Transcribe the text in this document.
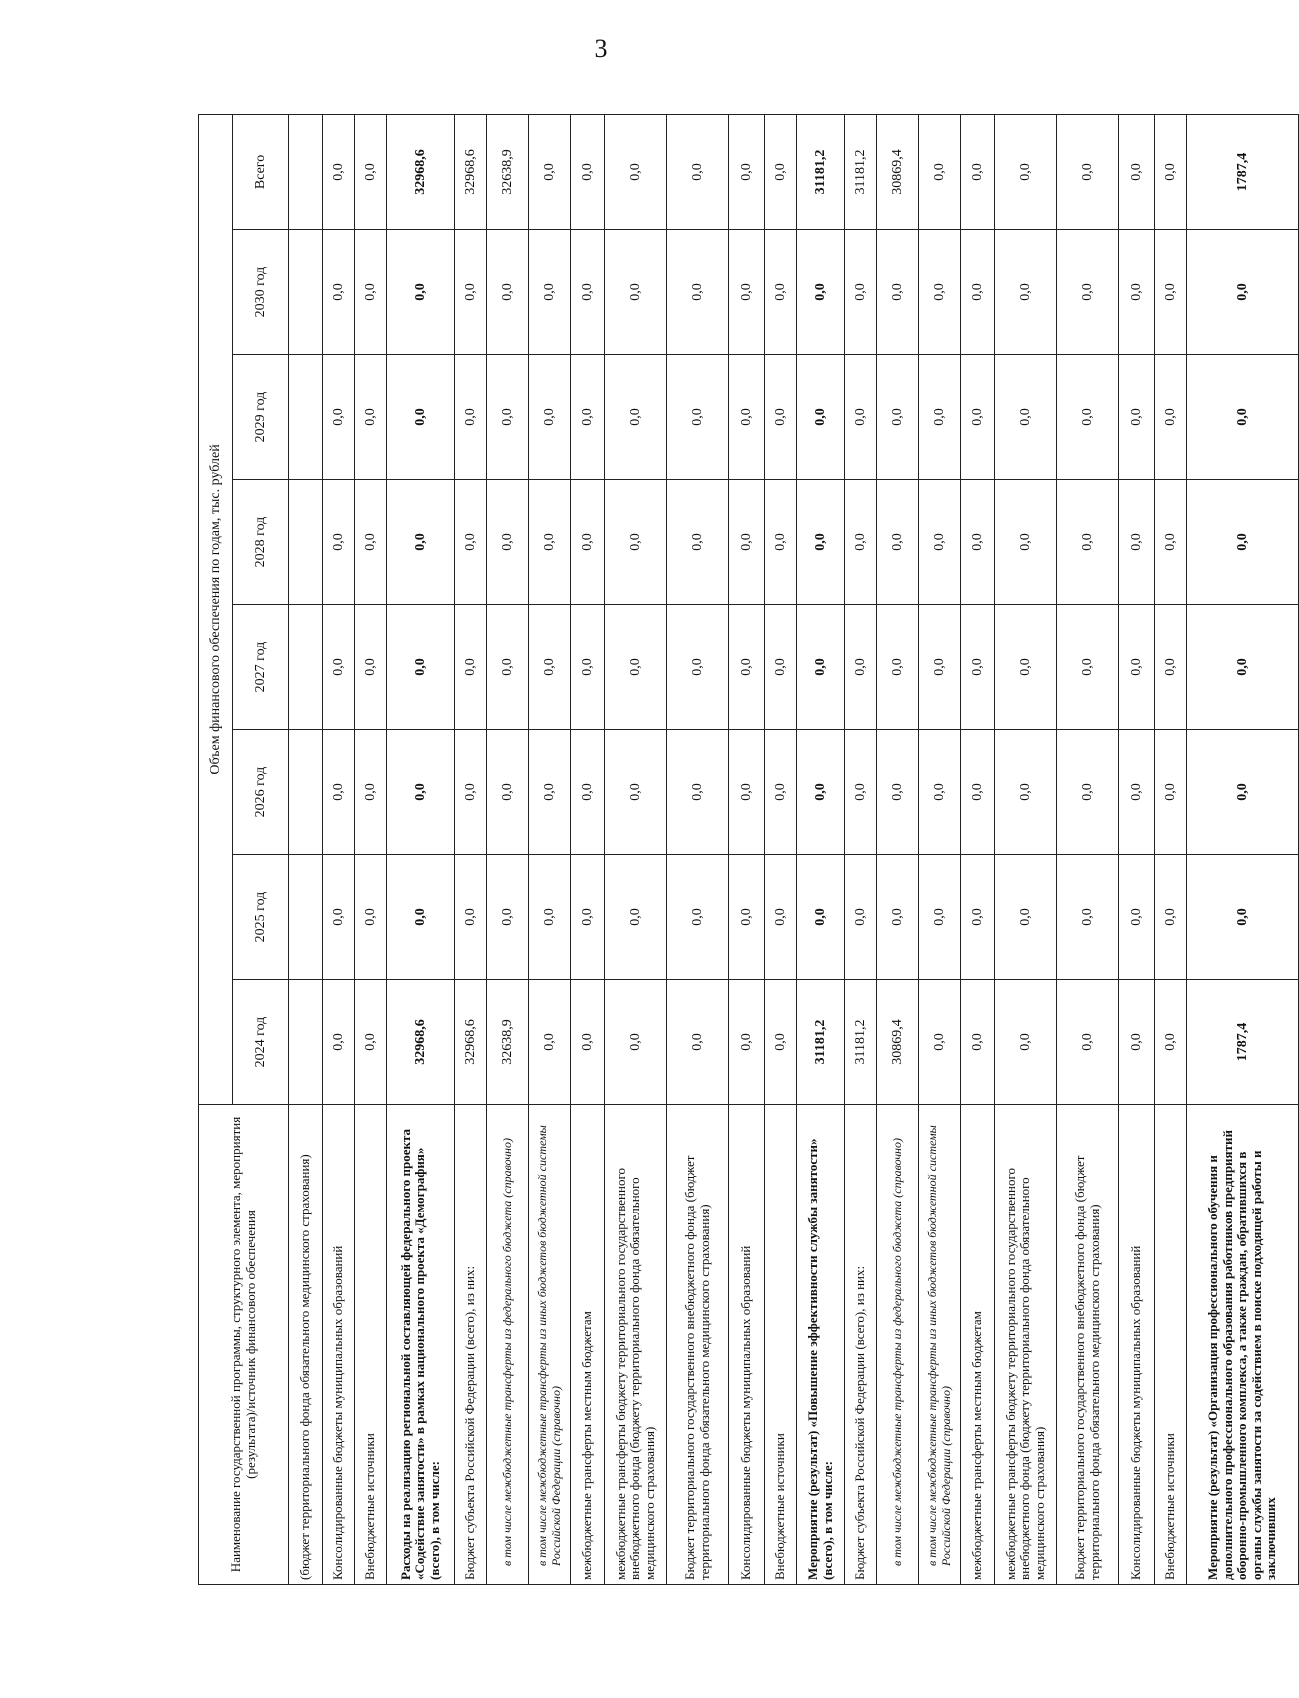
3
Наименование государственной программы, структурного элемента, мероприятия (результата)/источник финансового обеспечения	Объем финансового обеспечения по годам, тыс. рублей							
	2024 год	2025 год	2026 год	2027 год	2028 год	2029 год	2030 год	Всего
(бюджет территориального фонда обязательного медицинского страхования)								
Консолидированные бюджеты муниципальных образований	0,0	0,0	0,0	0,0	0,0	0,0	0,0	0,0
Внебюджетные источники	0,0	0,0	0,0	0,0	0,0	0,0	0,0	0,0
Расходы на реализацию региональной составляющей федерального проекта «Содействие занятости» в рамках национального проекта «Демография» (всего), в том числе:	32968,6	0,0	0,0	0,0	0,0	0,0	0,0	32968,6
Бюджет субъекта Российской Федерации (всего), из них:	32968,6	0,0	0,0	0,0	0,0	0,0	0,0	32968,6
в том числе межбюджетные трансферты из федерального бюджета (справочно)	32638,9	0,0	0,0	0,0	0,0	0,0	0,0	32638,9
в том числе межбюджетные трансферты из иных бюджетов бюджетной системы Российской Федерации (справочно)	0,0	0,0	0,0	0,0	0,0	0,0	0,0	0,0
межбюджетные трансферты местным бюджетам	0,0	0,0	0,0	0,0	0,0	0,0	0,0	0,0
межбюджетные трансферты бюджету территориального государственного внебюджетного фонда (бюджету территориального фонда обязательного медицинского страхования)	0,0	0,0	0,0	0,0	0,0	0,0	0,0	0,0
Бюджет территориального государственного внебюджетного фонда (бюджет территориального фонда обязательного медицинского страхования)	0,0	0,0	0,0	0,0	0,0	0,0	0,0	0,0
Консолидированные бюджеты муниципальных образований	0,0	0,0	0,0	0,0	0,0	0,0	0,0	0,0
Внебюджетные источники	0,0	0,0	0,0	0,0	0,0	0,0	0,0	0,0
Мероприятие (результат) «Повышение эффективности службы занятости» (всего), в том числе:	31181,2	0,0	0,0	0,0	0,0	0,0	0,0	31181,2
Бюджет субъекта Российской Федерации (всего), из них:	31181,2	0,0	0,0	0,0	0,0	0,0	0,0	31181,2
в том числе межбюджетные трансферты из федерального бюджета (справочно)	30869,4	0,0	0,0	0,0	0,0	0,0	0,0	30869,4
в том числе межбюджетные трансферты из иных бюджетов бюджетной системы Российской Федерации (справочно)	0,0	0,0	0,0	0,0	0,0	0,0	0,0	0,0
межбюджетные трансферты местным бюджетам	0,0	0,0	0,0	0,0	0,0	0,0	0,0	0,0
межбюджетные трансферты бюджету территориального государственного внебюджетного фонда (бюджету территориального фонда обязательного медицинского страхования)	0,0	0,0	0,0	0,0	0,0	0,0	0,0	0,0
Бюджет территориального государственного внебюджетного фонда (бюджет территориального фонда обязательного медицинского страхования)	0,0	0,0	0,0	0,0	0,0	0,0	0,0	0,0
Консолидированные бюджеты муниципальных образований	0,0	0,0	0,0	0,0	0,0	0,0	0,0	0,0
Внебюджетные источники	0,0	0,0	0,0	0,0	0,0	0,0	0,0	0,0
Мероприятие (результат) «Организация профессионального обучения и дополнительного профессионального образования работников предприятий оборонно-промышленного комплекса, а также граждан, обратившихся в органы службы занятости за содействием в поиске подходящей работы и заключивших	1787,4	0,0	0,0	0,0	0,0	0,0	0,0	1787,4
